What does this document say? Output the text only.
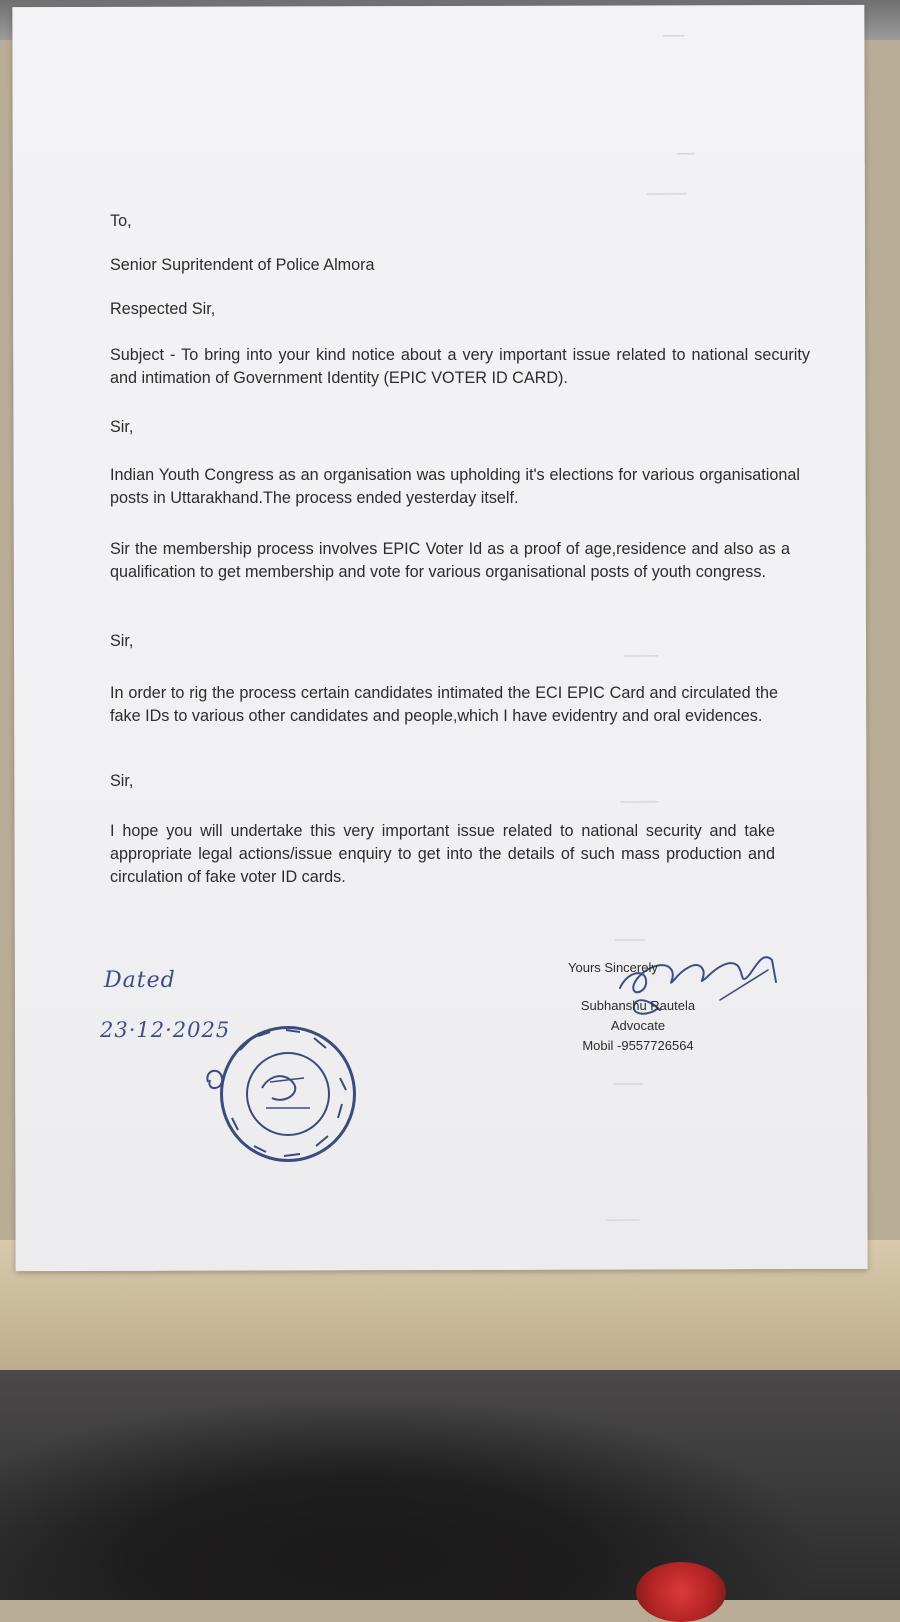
To,

Senior Supritendent of Police Almora

Respected Sir,

Subject - To bring into your kind notice about a very important issue related to national security and intimation of Government Identity (EPIC VOTER ID CARD).

Sir,

Indian Youth Congress as an organisation was upholding it's elections for various organisational posts in Uttarakhand.The process ended yesterday itself.

Sir the membership process involves EPIC Voter Id as a proof of age,residence and also as a qualification to get membership and vote for various organisational posts of youth congress.

Sir,

In order to rig the process certain candidates intimated the ECI EPIC Card and circulated the fake IDs to various other candidates and people,which I have evidentry and oral evidences.

Sir,

I hope you will undertake this very important issue related to national security and take appropriate legal actions/issue enquiry to get into the details of such mass production and circulation of fake voter ID cards.

Yours Sincerely
Subhanshu Rautela
Advocate
Mobil -9557726564
Dated
23·12·2025
